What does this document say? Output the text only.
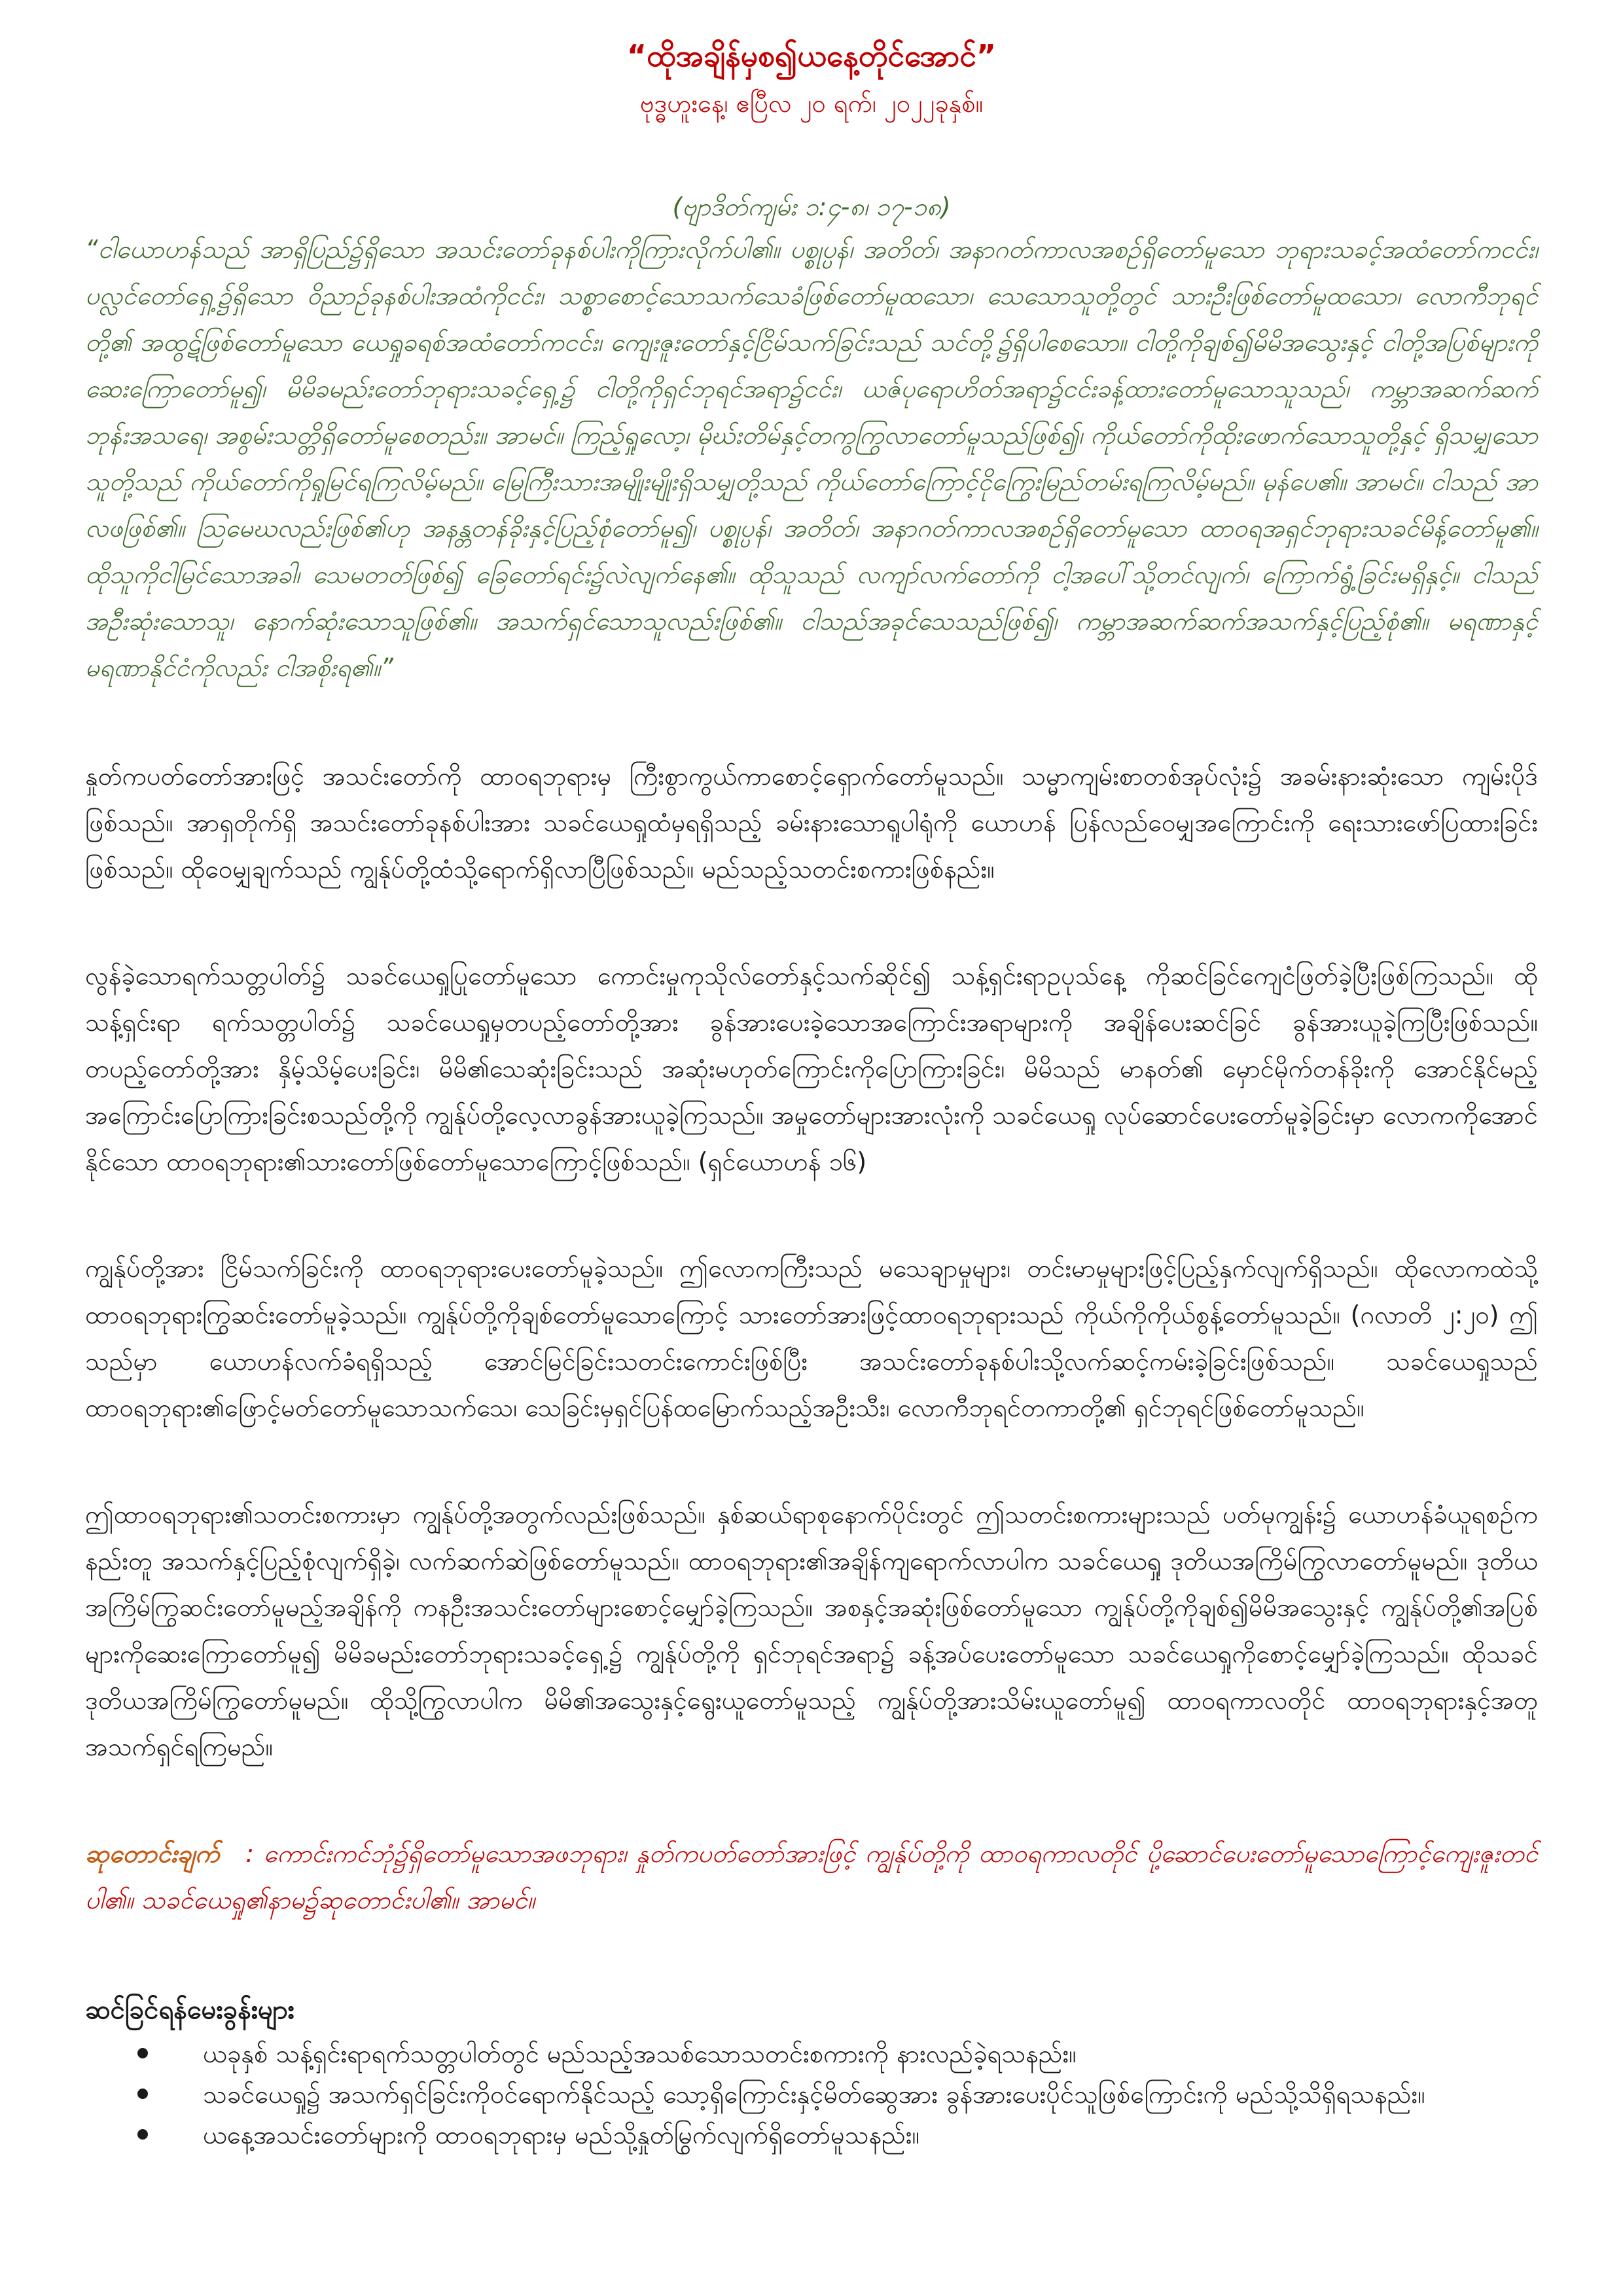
“ထိုအချိန်မှစ၍ယနေ့တိုင်အောင်”

ဗုဒ္ဓဟူးနေ့၊ ဧပြီလ ၂၀ ရက်၊ ၂၀၂၂ခုနှစ်။

(ဗျာဒိတ်ကျမ်း ၁:၄-၈၊ ၁၇-၁၈)

“ငါယောဟန်သည် အာရှိပြည်၌ရှိသော အသင်းတော်ခုနစ်ပါးကိုကြားလိုက်ပါ၏။ ပစ္စုပ္ပန်၊ အတိတ်၊ အနာဂတ်ကာလအစဉ်ရှိတော်မူသော ဘုရားသခင့်အထံတော်ကငင်း၊ ပလ္လင်တော်ရှေ့၌ရှိသော ဝိညာဉ်ခုနစ်ပါးအထံကိုငင်း၊ သစ္စာစောင့်သောသက်သေခံဖြစ်တော်မူထသော၊ သေသောသူတို့တွင် သားဦးဖြစ်တော်မူထသော၊ လောကီဘုရင်တို့၏ အထွဋ်ဖြစ်တော်မူသော ယေရှုခရစ်အထံတော်ကငင်း၊ ကျေးဇူးတော်နှင့်ငြိမ်သက်ခြင်းသည် သင်တို့၌ရှိပါစေသော။ ငါတို့ကိုချစ်၍မိမိအသွေးနှင့် ငါတို့အပြစ်များကိုဆေးကြောတော်မူ၍၊ မိမိခမည်းတော်ဘုရားသခင့်ရှေ့၌ ငါတို့ကိုရှင်ဘုရင်အရာ၌ငင်း၊ ယဇ်ပုရောဟိတ်အရာ၌ငင်းခန့်ထားတော်မူသောသူသည်၊ ကမ္ဘာအဆက်ဆက် ဘုန်းအသရေ၊ အစွမ်းသတ္တိရှိတော်မူစေတည်း။ အာမင်။ ကြည့်ရှုလော့၊ မိုဃ်းတိမ်နှင့်တကွကြွလာတော်မူသည်ဖြစ်၍၊ ကိုယ်တော်ကိုထိုးဖောက်သောသူတို့နှင့် ရှိသမျှသောသူတို့သည် ကိုယ်တော်ကိုရှုမြင်ရကြလိမ့်မည်။ မြေကြီးသားအမျိုးမျိုးရှိသမျှတို့သည် ကိုယ်တော်ကြောင့်ငိုကြွေးမြည်တမ်းရကြလိမ့်မည်။ မုန်ပေ၏။ အာမင်။ ငါသည် အာလဖဖြစ်၏။ ဩမေဃလည်းဖြစ်၏ဟု အနန္တတန်ခိုးနှင့်ပြည့်စုံတော်မူ၍၊ ပစ္စုပ္ပန်၊ အတိတ်၊ အနာဂတ်ကာလအစဉ်ရှိတော်မူသော ထာဝရအရှင်ဘုရားသခင်မိန့်တော်မူ၏။ ထိုသူကိုငါမြင်သောအခါ၊ သေမတတ်ဖြစ်၍ ခြေတော်ရင်း၌လဲလျက်နေ၏။ ထိုသူသည် လကျာ်လက်တော်ကို ငါ့အပေါ်သို့တင်လျက်၊ ကြောက်ရွံ့ခြင်းမရှိနှင့်။ ငါသည်အဦးဆုံးသောသူ၊ နောက်ဆုံးသောသူဖြစ်၏။ အသက်ရှင်သောသူလည်းဖြစ်၏။ ငါသည်အခုင်သေသည်ဖြစ်၍၊ ကမ္ဘာအဆက်ဆက်အသက်နှင့်ပြည့်စုံ၏။ မရဏာနှင့် မရဏာနိုင်ငံကိုလည်း ငါအစိုးရ၏။”

နှုတ်ကပတ်တော်အားဖြင့် အသင်းတော်ကို ထာဝရဘုရားမှ ကြီးစွာကွယ်ကာစောင့်ရှောက်တော်မူသည်။ သမ္မာကျမ်းစာတစ်အုပ်လုံး၌ အခမ်းနားဆုံးသော ကျမ်းပိုဒ်ဖြစ်သည်။ အာရှတိုက်ရှိ အသင်းတော်ခုနစ်ပါးအား သခင်ယေရှုထံမှရရှိသည့် ခမ်းနားသောရူပါရုံကို ယောဟန် ပြန်လည်ဝေမျှအကြောင်းကို ရေးသားဖော်ပြထားခြင်းဖြစ်သည်။ ထိုဝေမျှချက်သည် ကျွန်ုပ်တို့ထံသို့ရောက်ရှိလာပြီဖြစ်သည်။ မည်သည့်သတင်းစကားဖြစ်နည်း။

လွန်ခဲ့သောရက်သတ္တပါတ်၌ သခင်ယေရှုပြုတော်မူသော ကောင်းမှုကုသိုလ်တော်နှင့်သက်ဆိုင်၍ သန့်ရှင်းရာဥပုသ်နေ့ ကိုဆင်ခြင်ကျေငံဖြတ်ခဲ့ပြီးဖြစ်ကြသည်။ ထိုသန့်ရှင်းရာ ရက်သတ္တပါတ်၌ သခင်ယေရှုမှတပည့်တော်တို့အား ခွန်အားပေးခဲ့သောအကြောင်းအရာများကို အချိန်ပေးဆင်ခြင် ခွန်အားယူခဲ့ကြပြီးဖြစ်သည်။ တပည့်တော်တို့အား နှိမ့်သိမ့်ပေးခြင်း၊ မိမိ၏သေဆုံးခြင်းသည် အဆုံးမဟုတ်ကြောင်းကိုပြောကြားခြင်း၊ မိမိသည် မာနတ်၏ မှောင်မိုက်တန်ခိုးကို အောင်နိုင်မည့်အကြောင်းပြောကြားခြင်းစသည်တို့ကို ကျွန်ုပ်တို့လေ့လာခွန်အားယူခဲ့ကြသည်။ အမှုတော်များအားလုံးကို သခင်ယေရှု လုပ်ဆောင်ပေးတော်မူခဲ့ခြင်းမှာ လောကကိုအောင်နိုင်သော ထာဝရဘုရား၏သားတော်ဖြစ်တော်မူသောကြောင့်ဖြစ်သည်။ (ရှင်ယောဟန် ၁၆)

ကျွန်ုပ်တို့အား ငြိမ်သက်ခြင်းကို ထာဝရဘုရားပေးတော်မူခဲ့သည်။ ဤလောကကြီးသည် မသေချာမှုများ၊ တင်းမာမှုများဖြင့်ပြည့်နှက်လျက်ရှိသည်။ ထိုလောကထဲသို့ ထာဝရဘုရားကြွဆင်းတော်မူခဲ့သည်။ ကျွန်ုပ်တို့ကိုချစ်တော်မူသောကြောင့် သားတော်အားဖြင့်ထာဝရဘုရားသည် ကိုယ်ကိုကိုယ်စွန့်တော်မူသည်။ (ဂလာတိ ၂:၂၀) ဤသည်မှာ ယောဟန်လက်ခံရရှိသည့် အောင်မြင်ခြင်းသတင်းကောင်းဖြစ်ပြီး အသင်းတော်ခုနစ်ပါးသို့လက်ဆင့်ကမ်းခဲ့ခြင်းဖြစ်သည်။ သခင်ယေရှုသည် ထာဝရဘုရား၏ဖြောင့်မတ်တော်မူသောသက်သေ၊ သေခြင်းမှရှင်ပြန်ထမြောက်သည့်အဦးသီး၊ လောကီဘုရင်တကာတို့၏ ရှင်ဘုရင်ဖြစ်တော်မူသည်။

ဤထာဝရဘုရား၏သတင်းစကားမှာ ကျွန်ုပ်တို့အတွက်လည်းဖြစ်သည်။ နှစ်ဆယ်ရာစုနောက်ပိုင်းတွင် ဤသတင်းစကားများသည် ပတ်မုကျွန်း၌ ယောဟန်ခံယူရစဉ်ကနည်းတူ အသက်နှင့်ပြည့်စုံလျက်ရှိခဲ့၊ လက်ဆက်ဆဲဖြစ်တော်မူသည်။ ထာဝရဘုရား၏အချိန်ကျရောက်လာပါက သခင်ယေရှု ဒုတိယအကြိမ်ကြွလာတော်မူမည်။ ဒုတိယအကြိမ်ကြွဆင်းတော်မူမည့်အချိန်ကို ကနဦးအသင်းတော်များစောင့်မျှော်ခဲ့ကြသည်။ အစနှင့်အဆုံးဖြစ်တော်မူသော ကျွန်ုပ်တို့ကိုချစ်၍မိမိအသွေးနှင့် ကျွန်ုပ်တို့၏အပြစ်များကိုဆေးကြောတော်မူ၍ မိမိခမည်းတော်ဘုရားသခင့်ရှေ့၌ ကျွန်ုပ်တို့ကို ရှင်ဘုရင်အရာ၌ ခန့်အပ်ပေးတော်မူသော သခင်ယေရှုကိုစောင့်မျှော်ခဲ့ကြသည်။ ထိုသခင်ဒုတိယအကြိမ်ကြွတော်မူမည်။ ထိုသို့ကြွလာပါက မိမိ၏အသွေးနှင့်ရွေးယူတော်မူသည့် ကျွန်ုပ်တို့အားသိမ်းယူတော်မူ၍ ထာဝရကာလတိုင် ထာဝရဘုရားနှင့်အတူအသက်ရှင်ရကြမည်။

ဆုတောင်းချက် : ကောင်းကင်ဘုံ၌ရှိတော်မူသောအဖဘုရား၊ နှုတ်ကပတ်တော်အားဖြင့် ကျွန်ုပ်တို့ကို ထာဝရကာလတိုင် ပို့ဆောင်ပေးတော်မူသောကြောင့်ကျေးဇူးတင်ပါ၏။ သခင်ယေရှု၏နာမ၌ဆုတောင်းပါ၏။ အာမင်။

ဆင်ခြင်ရန်မေးခွန်းများ
ယခုနှစ် သန့်ရှင်းရာရက်သတ္တပါတ်တွင် မည်သည့်အသစ်သောသတင်းစကားကို နားလည်ခဲ့ရသနည်း။
သခင်ယေရှု၌ အသက်ရှင်ခြင်းကိုဝင်ရောက်နိုင်သည့် သော့ရှိကြောင်းနှင့်မိတ်ဆွေအား ခွန်အားပေးပိုင်သူဖြစ်ကြောင်းကို မည်သို့သိရှိရသနည်း။
ယနေ့အသင်းတော်များကို ထာဝရဘုရားမှ မည်သို့နှုတ်မြွက်လျက်ရှိတော်မူသနည်း။
